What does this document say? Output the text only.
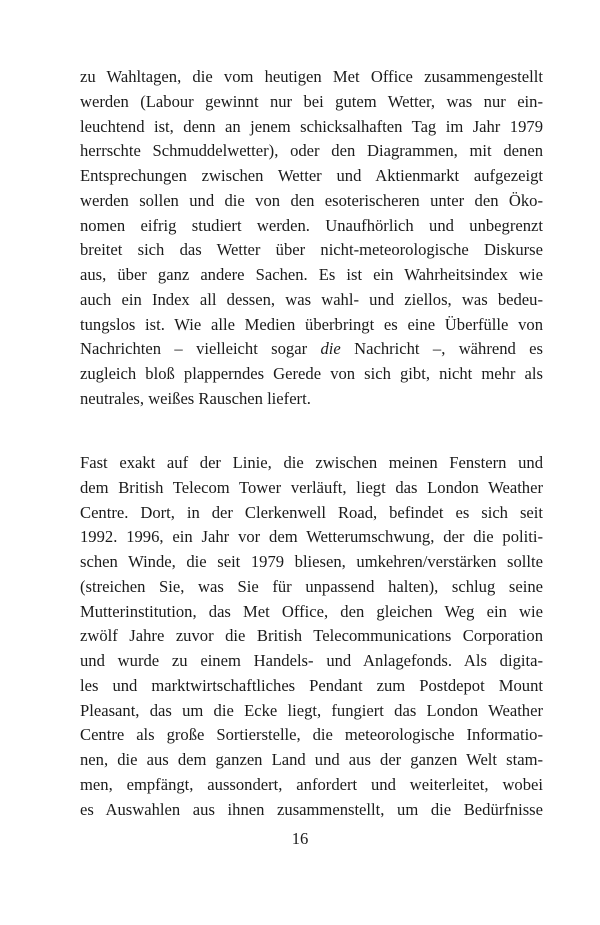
zu Wahltagen, die vom heutigen Met Office zusammengestellt
werden (Labour gewinnt nur bei gutem Wetter, was nur ein-
leuchtend ist, denn an jenem schicksalhaften Tag im Jahr 1979
herrschte Schmuddelwetter), oder den Diagrammen, mit denen
Entsprechungen zwischen Wetter und Aktienmarkt aufgezeigt
werden sollen und die von den esoterischeren unter den Öko-
nomen eifrig studiert werden. Unaufhörlich und unbegrenzt
breitet sich das Wetter über nicht-meteorologische Diskurse
aus, über ganz andere Sachen. Es ist ein Wahrheitsindex wie
auch ein Index all dessen, was wahl- und ziellos, was bedeu-
tungslos ist. Wie alle Medien überbringt es eine Überfülle von
Nachrichten – vielleicht sogar die Nachricht –, während es
zugleich bloß plapperndes Gerede von sich gibt, nicht mehr als
neutrales, weißes Rauschen liefert.
Fast exakt auf der Linie, die zwischen meinen Fenstern und
dem British Telecom Tower verläuft, liegt das London Weather
Centre. Dort, in der Clerkenwell Road, befindet es sich seit
1992. 1996, ein Jahr vor dem Wetterumschwung, der die politi-
schen Winde, die seit 1979 bliesen, umkehren/verstärken sollte
(streichen Sie, was Sie für unpassend halten), schlug seine
Mutterinstitution, das Met Office, den gleichen Weg ein wie
zwölf Jahre zuvor die British Telecommunications Corporation
und wurde zu einem Handels- und Anlagefonds. Als digita-
les und marktwirtschaftliches Pendant zum Postdepot Mount
Pleasant, das um die Ecke liegt, fungiert das London Weather
Centre als große Sortierstelle, die meteorologische Informatio-
nen, die aus dem ganzen Land und aus der ganzen Welt stam-
men, empfängt, aussondert, anfordert und weiterleitet, wobei
es Auswahlen aus ihnen zusammenstellt, um die Bedürfnisse
16
